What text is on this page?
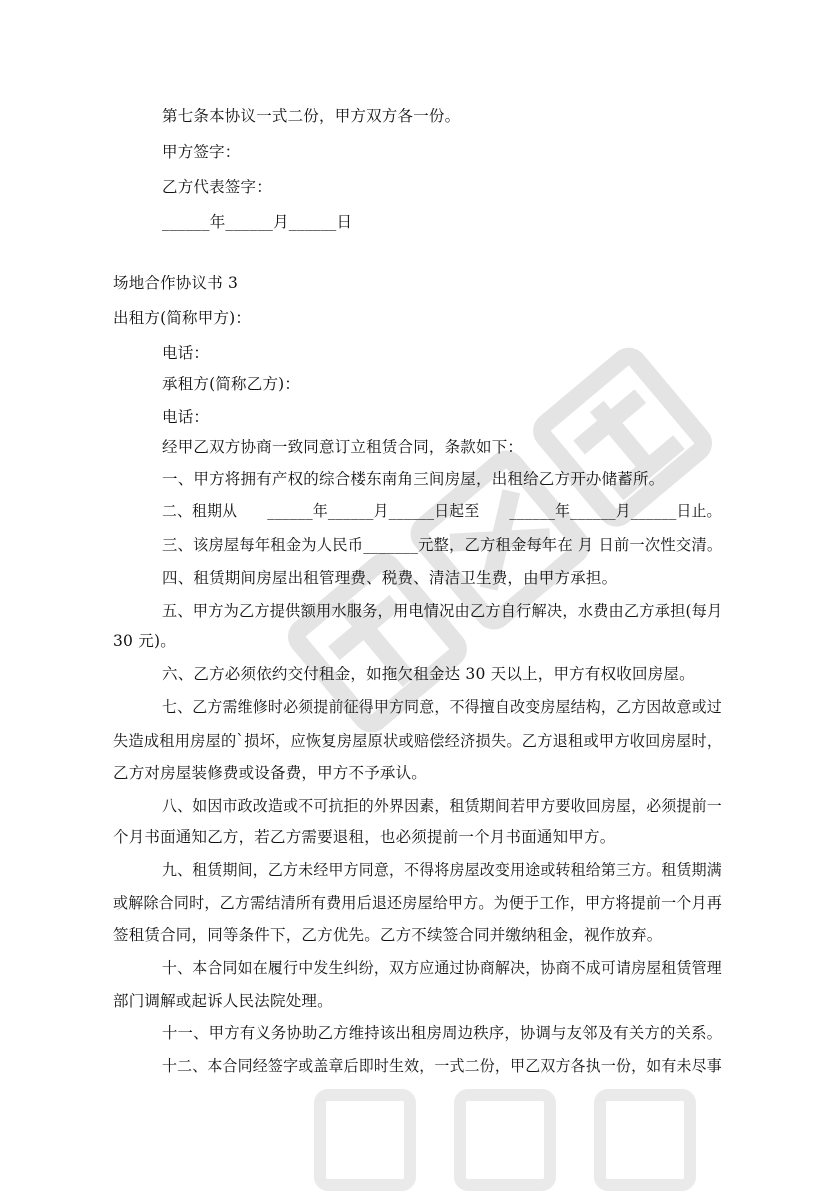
第七条本协议一式二份，甲方双方各一份。
甲方签字：
乙方代表签字：
______年______月______日
场地合作协议书 3
出租方(简称甲方)：
电话：
承租方(简称乙方)：
电话：
经甲乙双方协商一致同意订立租赁合同，条款如下：
一、甲方将拥有产权的综合楼东南角三间房屋，出租给乙方开办储蓄所。
二、租期从　　______年______月______日起至　　______年______月______日止。
三、该房屋每年租金为人民币_______元整，乙方租金每年在 月 日前一次性交清。
四、租赁期间房屋出租管理费、税费、清洁卫生费，由甲方承担。
五、甲方为乙方提供额用水服务，用电情况由乙方自行解决，水费由乙方承担(每月
30 元)。
六、乙方必须依约交付租金，如拖欠租金达 30 天以上，甲方有权收回房屋。
七、乙方需维修时必须提前征得甲方同意，不得擅自改变房屋结构，乙方因故意或过
失造成租用房屋的`损坏，应恢复房屋原状或赔偿经济损失。乙方退租或甲方收回房屋时，
乙方对房屋装修费或设备费，甲方不予承认。
八、如因市政改造或不可抗拒的外界因素，租赁期间若甲方要收回房屋，必须提前一
个月书面通知乙方，若乙方需要退租，也必须提前一个月书面通知甲方。
九、租赁期间，乙方未经甲方同意，不得将房屋改变用途或转租给第三方。租赁期满
或解除合同时，乙方需结清所有费用后退还房屋给甲方。为便于工作，甲方将提前一个月再
签租赁合同，同等条件下，乙方优先。乙方不续签合同并缴纳租金，视作放弃。
十、本合同如在履行中发生纠纷，双方应通过协商解决，协商不成可请房屋租赁管理
部门调解或起诉人民法院处理。
十一、甲方有义务协助乙方维持该出租房周边秩序，协调与友邻及有关方的关系。
十二、本合同经签字或盖章后即时生效，一式二份，甲乙双方各执一份，如有未尽事
